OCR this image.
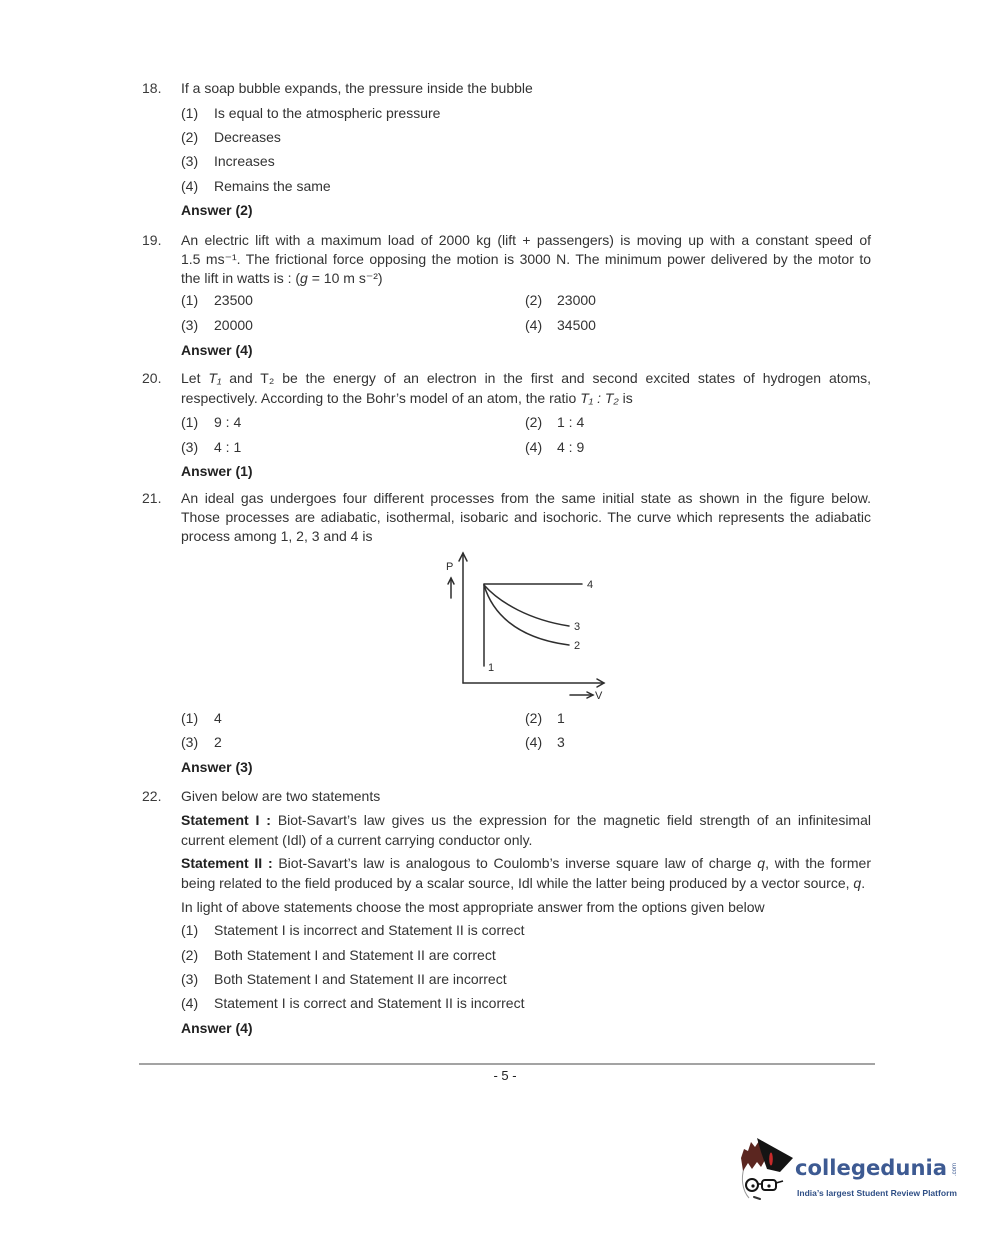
18. If a soap bubble expands, the pressure inside the bubble
(1) Is equal to the atmospheric pressure
(2) Decreases
(3) Increases
(4) Remains the same
Answer (2)
19. An electric lift with a maximum load of 2000 kg (lift + passengers) is moving up with a constant speed of
1.5 ms⁻¹. The frictional force opposing the motion is 3000 N. The minimum power delivered by the motor to
the lift in watts is : (g = 10 m s⁻²)
(1) 23500	(2) 23000
(3) 20000	(4) 34500
Answer (4)
20. Let T₁ and T₂ be the energy of an electron in the first and second excited states of hydrogen atoms,
respectively. According to the Bohr’s model of an atom, the ratio T₁ : T₂ is
(1) 9 : 4	(2) 1 : 4
(3) 4 : 1	(4) 4 : 9
Answer (1)
21. An ideal gas undergoes four different processes from the same initial state as shown in the figure below.
Those processes are adiabatic, isothermal, isobaric and isochoric. The curve which represents the adiabatic
process among 1, 2, 3 and 4 is
P
V
1
2
3
4
(1) 4	(2) 1
(3) 2	(4) 3
Answer (3)
22. Given below are two statements
Statement I : Biot-Savart’s law gives us the expression for the magnetic field strength of an infinitesimal
current element (Idl) of a current carrying conductor only.
Statement II : Biot-Savart’s law is analogous to Coulomb’s inverse square law of charge q, with the former
being related to the field produced by a scalar source, Idl while the latter being produced by a vector source, q.
In light of above statements choose the most appropriate answer from the options given below
(1) Statement I is incorrect and Statement II is correct
(2) Both Statement I and Statement II are correct
(3) Both Statement I and Statement II are incorrect
(4) Statement I is correct and Statement II is incorrect
Answer (4)
- 5 -
collegedunia .com
India’s largest Student Review Platform
